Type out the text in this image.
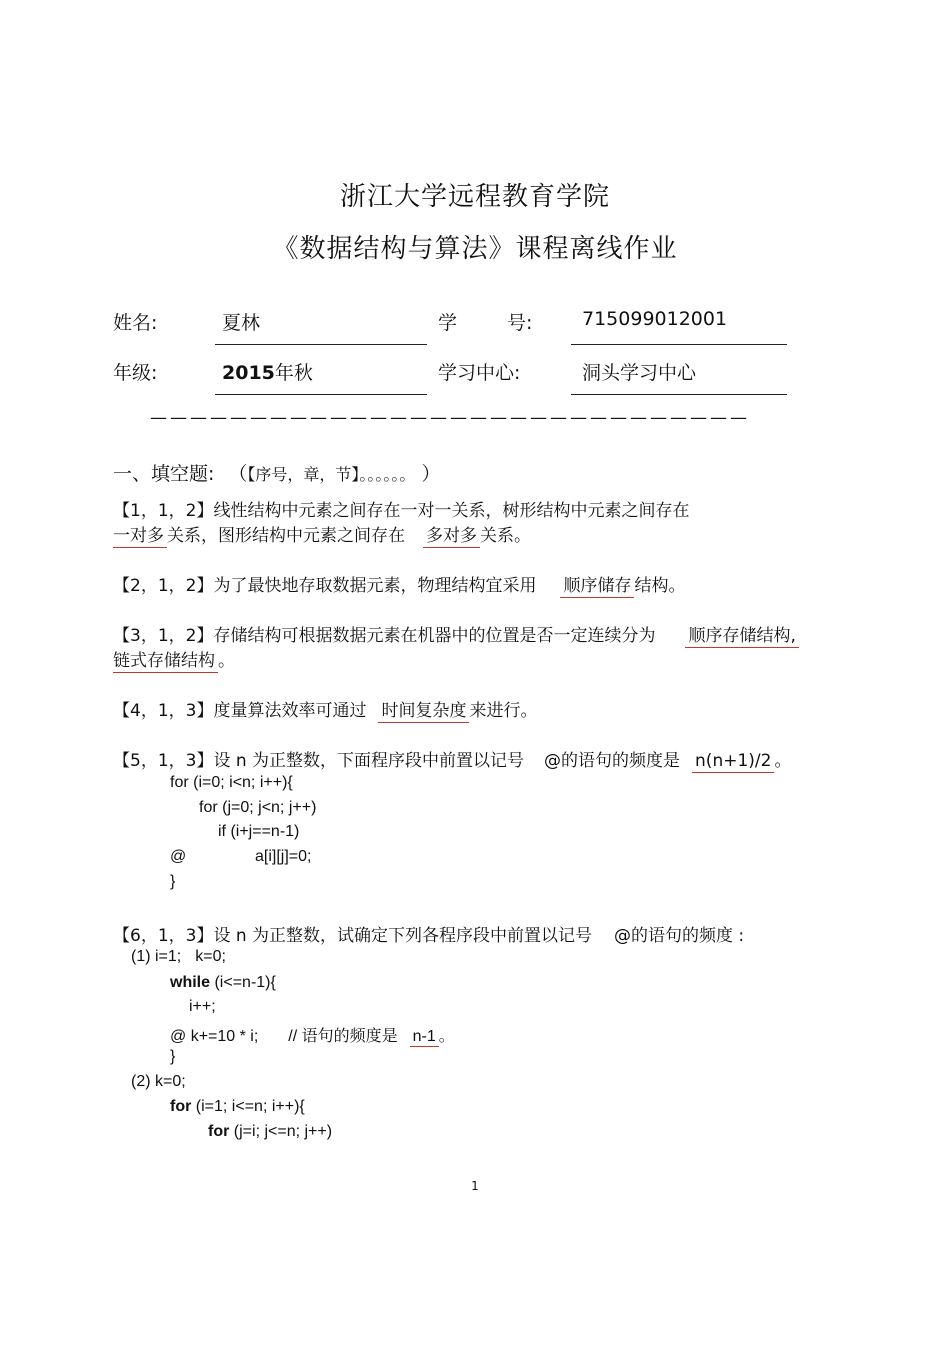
浙江大学远程教育学院
《数据结构与算法》课程离线作业
姓名:	夏林	学	号:	715099012001
年级:	2015年秋	学习中心:	洞头学习中心
——————————————————————————————
一、填空题: （【序号，章，节】。。。。。。 ）
【1，1，2】线性结构中元素之间存在一对一关系，树形结构中元素之间存在
一对多 关系，图形结构中元素之间存在 多对多 关系。
【2，1，2】为了最快地存取数据元素，物理结构宜采用 顺序储存 结构。
【3，1，2】存储结构可根据数据元素在机器中的位置是否一定连续分为 顺序存储结构,
链式存储结构 。
【4，1，3】度量算法效率可通过 时间复杂度 来进行。
【5，1，3】设 n 为正整数，下面程序段中前置以记号 @的语句的频度是 n(n+1)/2 。
for (i=0; i<n; i++){
for (j=0; j<n; j++)
if (i+j==n-1)
@	a[i][j]=0;
}
【6，1，3】设 n 为正整数，试确定下列各程序段中前置以记号 @的语句的频度 :
(1) i=1; k=0;
while (i<=n-1){
i++;
@ k+=10 * i; // 语句的频度是 n-1 。
}
(2) k=0;
for (i=1; i<=n; i++){
for (j=i; j<=n; j++)
1
